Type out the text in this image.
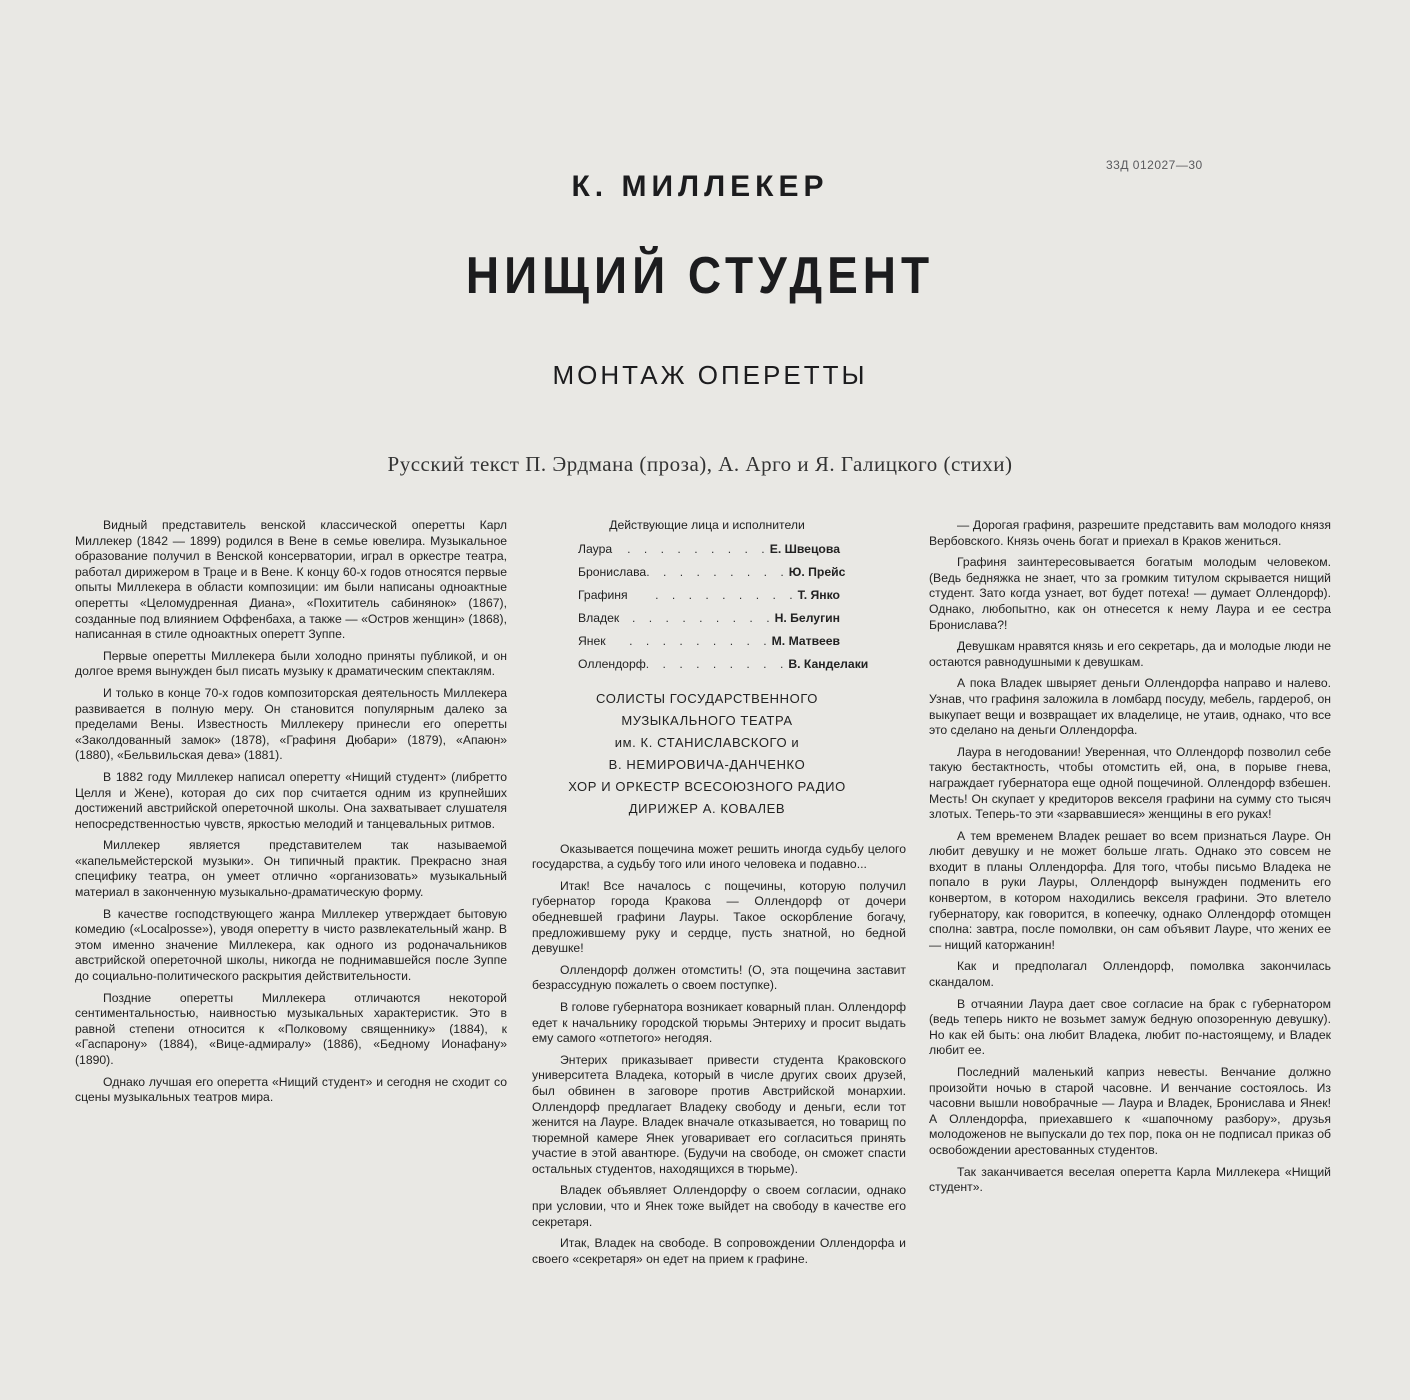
33Д 012027—30
К. МИЛЛЕКЕР
НИЩИЙ СТУДЕНТ
МОНТАЖ ОПЕРЕТТЫ
Русский текст П. Эрдмана (проза), А. Арго и Я. Галицкого (стихи)

Видный представитель венской классической оперетты Карл Миллекер (1842 — 1899) родился в Вене в семье ювелира. Музыкальное образование получил в Венской консерватории, играл в оркестре театра, работал дирижером в Траце и в Вене. К концу 60-х годов относятся первые опыты Миллекера в области композиции: им были написаны одноактные оперетты «Целомудренная Диана», «Похититель сабинянок» (1867), созданные под влиянием Оффенбаха, а также — «Остров женщин» (1868), написанная в стиле одноактных оперетт Зуппе.

Первые оперетты Миллекера были холодно приняты публикой, и он долгое время вынужден был писать музыку к драматическим спектаклям.

И только в конце 70-х годов композиторская деятельность Миллекера развивается в полную меру. Он становится популярным далеко за пределами Вены. Известность Миллекеру принесли его оперетты «Заколдованный замок» (1878), «Графиня Дюбари» (1879), «Апаюн» (1880), «Бельвильская дева» (1881).

В 1882 году Миллекер написал оперетту «Нищий студент» (либретто Целля и Жене), которая до сих пор считается одним из крупнейших достижений австрийской опереточной школы. Она захватывает слушателя непосредственностью чувств, яркостью мелодий и танцевальных ритмов.

Миллекер является представителем так называемой «капельмейстерской музыки». Он типичный практик. Прекрасно зная специфику театра, он умеет отлично «организовать» музыкальный материал в законченную музыкально-драматическую форму.

В качестве господствующего жанра Миллекер утверждает бытовую комедию («Localposse»), уводя оперетту в чисто развлекательный жанр. В этом именно значение Миллекера, как одного из родоначальников австрийской опереточной школы, никогда не поднимавшейся после Зуппе до социально-политического раскрытия действительности.

Поздние оперетты Миллекера отличаются некоторой сентиментальностью, наивностью музыкальных характеристик. Это в равной степени относится к «Полковому священнику» (1884), к «Гаспарону» (1884), «Вице-адмиралу» (1886), «Бедному Ионафану» (1890).

Однако лучшая его оперетта «Нищий студент» и сегодня не сходит со сцены музыкальных театров мира.

Действующие лица и исполнители
Лаура	. . . . . . . . . Е. Швецова
Бронислава . . . . . . . . . Ю. Прейс
Графиня	. . . . . . . . . Т. Янко
Владек	. . . . . . . . . Н. Белугин
Янек	. . . . . . . . . М. Матвеев
Оллендорф . . . . . . . . . В. Канделаки
СОЛИСТЫ ГОСУДАРСТВЕННОГО
МУЗЫКАЛЬНОГО ТЕАТРА
им. К. СТАНИСЛАВСКОГО и
В. НЕМИРОВИЧА-ДАНЧЕНКО
ХОР И ОРКЕСТР ВСЕСОЮЗНОГО РАДИО
ДИРИЖЕР А. КОВАЛЕВ

Оказывается пощечина может решить иногда судьбу целого государства, а судьбу того или иного человека и подавно...

Итак! Все началось с пощечины, которую получил губернатор города Кракова — Оллендорф от дочери обедневшей графини Лауры. Такое оскорбление богачу, предложившему руку и сердце, пусть знатной, но бедной девушке!

Оллендорф должен отомстить! (О, эта пощечина заставит безрассудную пожалеть о своем поступке).

В голове губернатора возникает коварный план. Оллендорф едет к начальнику городской тюрьмы Энтериху и просит выдать ему самого «отпетого» негодяя.

Энтерих приказывает привести студента Краковского университета Владека, который в числе других своих друзей, был обвинен в заговоре против Австрийской монархии. Оллендорф предлагает Владеку свободу и деньги, если тот женится на Лауре. Владек вначале отказывается, но товарищ по тюремной камере Янек уговаривает его согласиться принять участие в этой авантюре. (Будучи на свободе, он сможет спасти остальных студентов, находящихся в тюрьме).

Владек объявляет Оллендорфу о своем согласии, однако при условии, что и Янек тоже выйдет на свободу в качестве его секретаря.

Итак, Владек на свободе. В сопровождении Оллендорфа и своего «секретаря» он едет на прием к графине.

— Дорогая графиня, разрешите представить вам молодого князя Вербовского. Князь очень богат и приехал в Краков жениться.

Графиня заинтересовывается богатым молодым человеком. (Ведь бедняжка не знает, что за громким титулом скрывается нищий студент. Зато когда узнает, вот будет потеха! — думает Оллендорф). Однако, любопытно, как он отнесется к нему Лаура и ее сестра Бронислава?!

Девушкам нравятся князь и его секретарь, да и молодые люди не остаются равнодушными к девушкам.

А пока Владек швыряет деньги Оллендорфа направо и налево. Узнав, что графиня заложила в ломбард посуду, мебель, гардероб, он выкупает вещи и возвращает их владелице, не утаив, однако, что все это сделано на деньги Оллендорфа.

Лаура в негодовании! Уверенная, что Оллендорф позволил себе такую бестактность, чтобы отомстить ей, она, в порыве гнева, награждает губернатора еще одной пощечиной. Оллендорф взбешен. Месть! Он скупает у кредиторов векселя графини на сумму сто тысяч злотых. Теперь-то эти «зарвавшиеся» женщины в его руках!

А тем временем Владек решает во всем признаться Лауре. Он любит девушку и не может больше лгать. Однако это совсем не входит в планы Оллендорфа. Для того, чтобы письмо Владека не попало в руки Лауры, Оллендорф вынужден подменить его конвертом, в котором находились векселя графини. Это влетело губернатору, как говорится, в копеечку, однако Оллендорф отомщен сполна: завтра, после помолвки, он сам объявит Лауре, что жених ее — нищий каторжанин!

Как и предполагал Оллендорф, помолвка закончилась скандалом.

В отчаянии Лаура дает свое согласие на брак с губернатором (ведь теперь никто не возьмет замуж бедную опозоренную девушку). Но как ей быть: она любит Владека, любит по-настоящему, и Владек любит ее.

Последний маленький каприз невесты. Венчание должно произойти ночью в старой часовне. И венчание состоялось. Из часовни вышли новобрачные — Лаура и Владек, Бронислава и Янек! А Оллендорфа, приехавшего к «шапочному разбору», друзья молодоженов не выпускали до тех пор, пока он не подписал приказ об освобождении арестованных студентов.

Так заканчивается веселая оперетта Карла Миллекера «Нищий студент».
